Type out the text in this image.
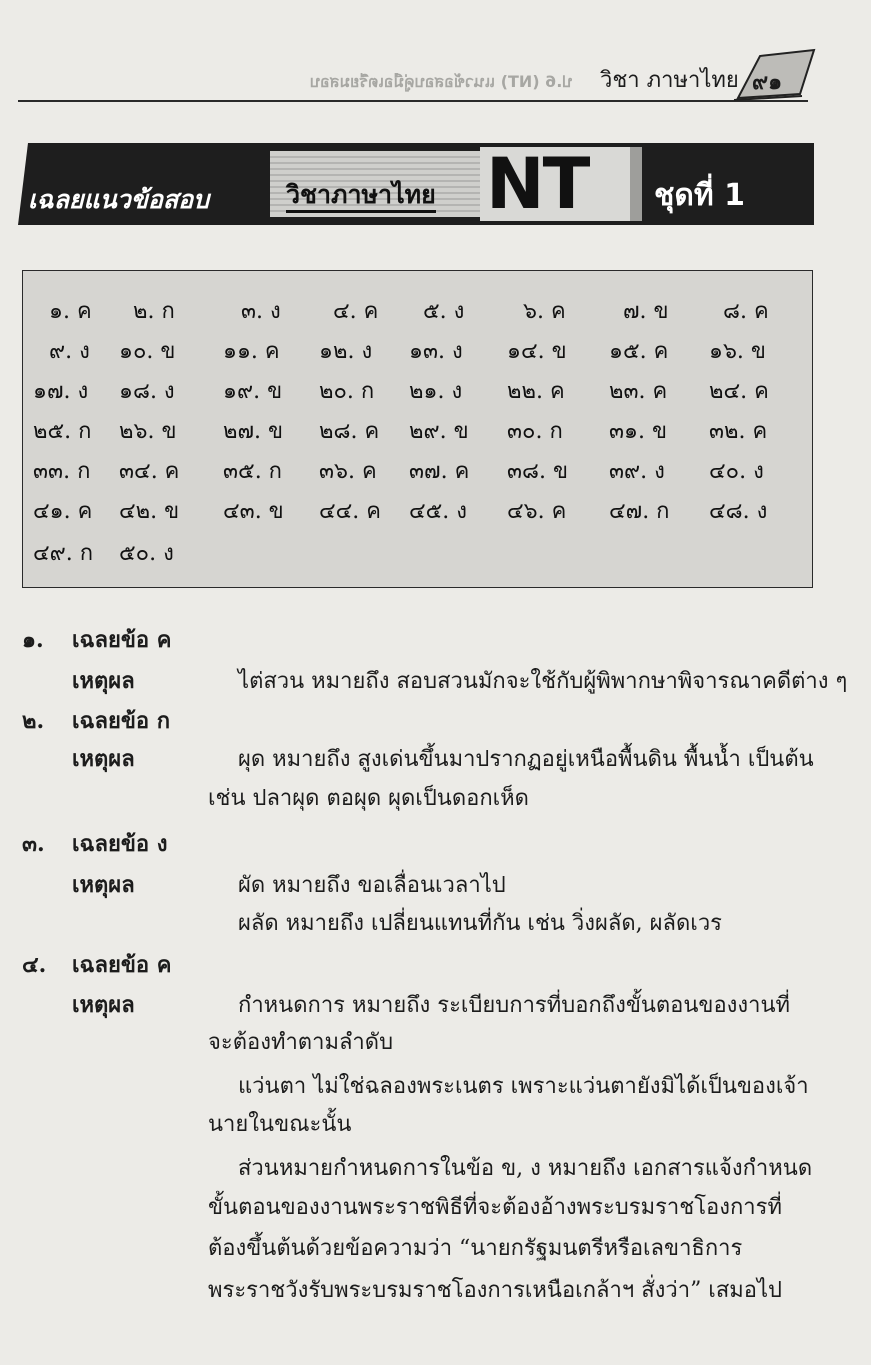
ป.6 (NT) แนวข้อสอบคู่มือเตรียมสอบ วิชา ภาษาไทย ๙๑
เฉลยแนวข้อสอบ	วิชาภาษาไทย NT ชุดที่ 1
๑. ค ๒. ก	๓. ง ๔. ค ๕. ง	๖. ค	๗. ข ๘. ค
๙. ง ๑๐. ข ๑๑. ค ๑๒. ง ๑๓. ง ๑๔. ข ๑๕. ค ๑๖. ข
๑๗. ง ๑๘. ง ๑๙. ข ๒๐. ก ๒๑. ง ๒๒. ค ๒๓. ค ๒๔. ค
๒๕. ก ๒๖. ข ๒๗. ข ๒๘. ค ๒๙. ข ๓๐. ก ๓๑. ข ๓๒. ค
๓๓. ก ๓๔. ค ๓๕. ก ๓๖. ค ๓๗. ค ๓๘. ข ๓๙. ง ๔๐. ง
๔๑. ค ๔๒. ข ๔๓. ข ๔๔. ค ๔๕. ง ๔๖. ค ๔๗. ก ๔๘. ง
๔๙. ก ๕๐. ง
๑. เฉลยข้อ ค
เหตุผล	ไต่สวน หมายถึง สอบสวนมักจะใช้กับผู้พิพากษาพิจารณาคดีต่าง ๆ
๒. เฉลยข้อ ก
เหตุผล	ผุด หมายถึง สูงเด่นขึ้นมาปรากฏอยู่เหนือพื้นดิน พื้นน้ำ เป็นต้น
เช่น ปลาผุด ตอผุด ผุดเป็นดอกเห็ด
๓. เฉลยข้อ ง
เหตุผล	ผัด หมายถึง ขอเลื่อนเวลาไป
ผลัด หมายถึง เปลี่ยนแทนที่กัน เช่น วิ่งผลัด, ผลัดเวร
๔. เฉลยข้อ ค
เหตุผล	กำหนดการ หมายถึง ระเบียบการที่บอกถึงขั้นตอนของงานที่
จะต้องทำตามลำดับ
แว่นตา ไม่ใช่ฉลองพระเนตร เพราะแว่นตายังมิได้เป็นของเจ้า
นายในขณะนั้น
ส่วนหมายกำหนดการในข้อ ข, ง หมายถึง เอกสารแจ้งกำหนด
ขั้นตอนของงานพระราชพิธีที่จะต้องอ้างพระบรมราชโองการที่
ต้องขึ้นต้นด้วยข้อความว่า “นายกรัฐมนตรีหรือเลขาธิการ
พระราชวังรับพระบรมราชโองการเหนือเกล้าฯ สั่งว่า” เสมอไป
